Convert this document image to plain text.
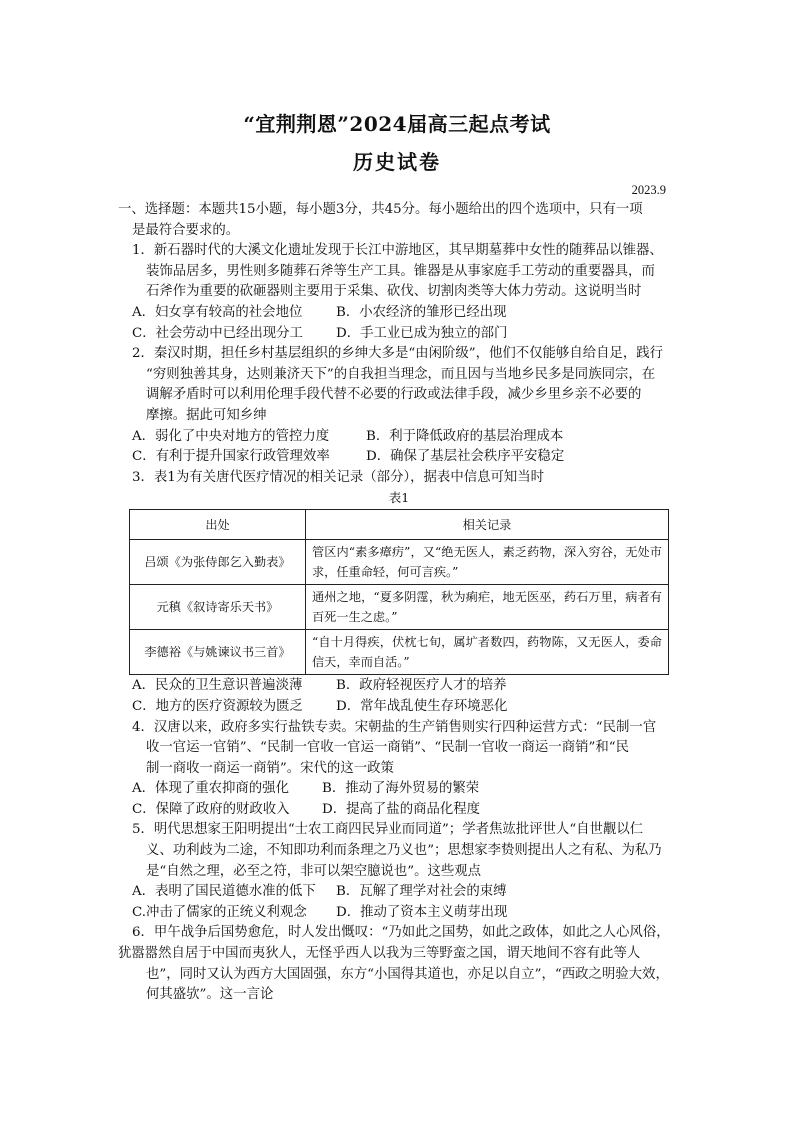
“宜荆荆恩”2024届高三起点考试
历史试卷
2023.9

一、选择题：本题共15小题，每小题3分，共45分。每小题给出的四个选项中，只有一项

是最符合要求的。

1．新石器时代的大溪文化遗址发现于长江中游地区，其早期墓葬中女性的随葬品以锥器、

装饰品居多，男性则多随葬石斧等生产工具。锥器是从事家庭手工劳动的重要器具，而

石斧作为重要的砍砸器则主要用于采集、砍伐、切割肉类等大体力劳动。这说明当时

A．妇女享有较高的社会地位	B．小农经济的雏形已经出现
C．社会劳动中已经出现分工	D．手工业已成为独立的部门

2．秦汉时期，担任乡村基层组织的乡绅大多是“由闲阶级”，他们不仅能够自给自足，践行

“穷则独善其身，达则兼济天下”的自我担当理念，而且因与当地乡民多是同族同宗，在

调解矛盾时可以利用伦理手段代替不必要的行政或法律手段，减少乡里乡亲不必要的

摩擦。据此可知乡绅

A．弱化了中央对地方的管控力度	B．利于降低政府的基层治理成本
C．有利于提升国家行政管理效率	D．确保了基层社会秩序平安稳定

3．表1为有关唐代医疗情况的相关记录（部分），据表中信息可知当时

表1
出处	相关记录
吕颂《为张侍郎乞入勤表》	管区内“素多瘴疠”，又“绝无医人，素乏药物，深入穷谷，无处市求，任重命轻，何可言疾。”
元稹《叙诗寄乐天书》	通州之地，“夏多阴霪，秋为痢疟，地无医巫，药石万里，病者有百死一生之虑。”
李德裕《与姚谏议书三首》	“自十月得疾，伏枕七旬，属圹者数四，药物陈，又无医人，委命信天，幸而自活。”
A．民众的卫生意识普遍淡薄	B．政府轻视医疗人才的培养
C．地方的医疗资源较为匮乏	D．常年战乱使生存环境恶化

4．汉唐以来，政府多实行盐铁专卖。宋朝盐的生产销售则实行四种运营方式：“民制一官

收一官运一官销”、“民制一官收一官运一商销”、“民制一官收一商运一商销”和“民

制一商收一商运一商销”。宋代的这一政策

A．体现了重农抑商的强化	B．推动了海外贸易的繁荣
C．保障了政府的财政收入	D．提高了盐的商品化程度

5．明代思想家王阳明提出“士农工商四民异业而同道”；学者焦竑批评世人“自世觏以仁

义、功利歧为二途，不知即功利而条理之乃义也”；思想家李贽则提出人之有私、为私乃

是“自然之理，必至之符，非可以架空臆说也”。这些观点

A．表明了国民道德水准的低下	B．瓦解了理学对社会的束缚
C.冲击了儒家的正统义利观念	D．推动了资本主义萌芽出现

6．甲午战争后国势愈危，时人发出慨叹：“乃如此之国势，如此之政体，如此之人心风俗，

犹嚣嚣然自居于中国而夷狄人，无怪乎西人以我为三等野蛮之国，谓天地间不容有此等人

也”，同时又认为西方大国固强，东方“小国得其道也，亦足以自立”，“西政之明验大效，

何其盛欤”。这一言论
